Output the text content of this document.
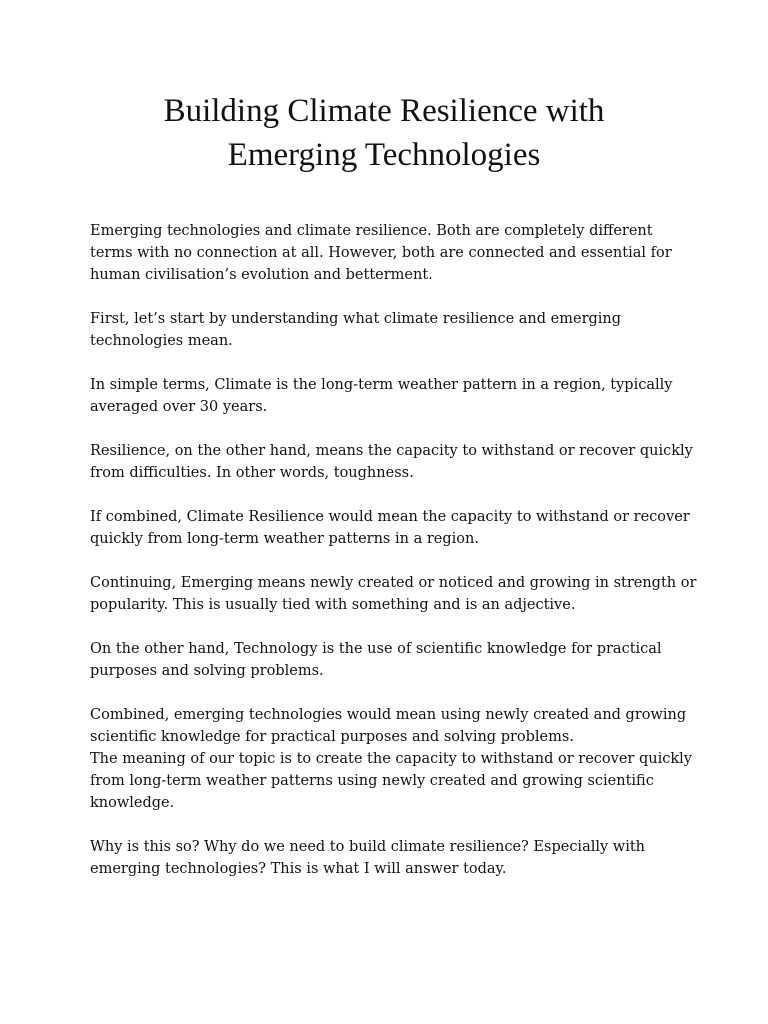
Building Climate Resilience with
Emerging Technologies

Emerging technologies and climate resilience. Both are completely different
terms with no connection at all. However, both are connected and essential for
human civilisation’s evolution and betterment.

First, let’s start by understanding what climate resilience and emerging
technologies mean.

In simple terms, Climate is the long-term weather pattern in a region, typically
averaged over 30 years.

Resilience, on the other hand, means the capacity to withstand or recover quickly
from difficulties. In other words, toughness.

If combined, Climate Resilience would mean the capacity to withstand or recover
quickly from long-term weather patterns in a region.

Continuing, Emerging means newly created or noticed and growing in strength or
popularity. This is usually tied with something and is an adjective.

On the other hand, Technology is the use of scientific knowledge for practical
purposes and solving problems.

Combined, emerging technologies would mean using newly created and growing
scientific knowledge for practical purposes and solving problems.
The meaning of our topic is to create the capacity to withstand or recover quickly
from long-term weather patterns using newly created and growing scientific
knowledge.

Why is this so? Why do we need to build climate resilience? Especially with
emerging technologies? This is what I will answer today.
